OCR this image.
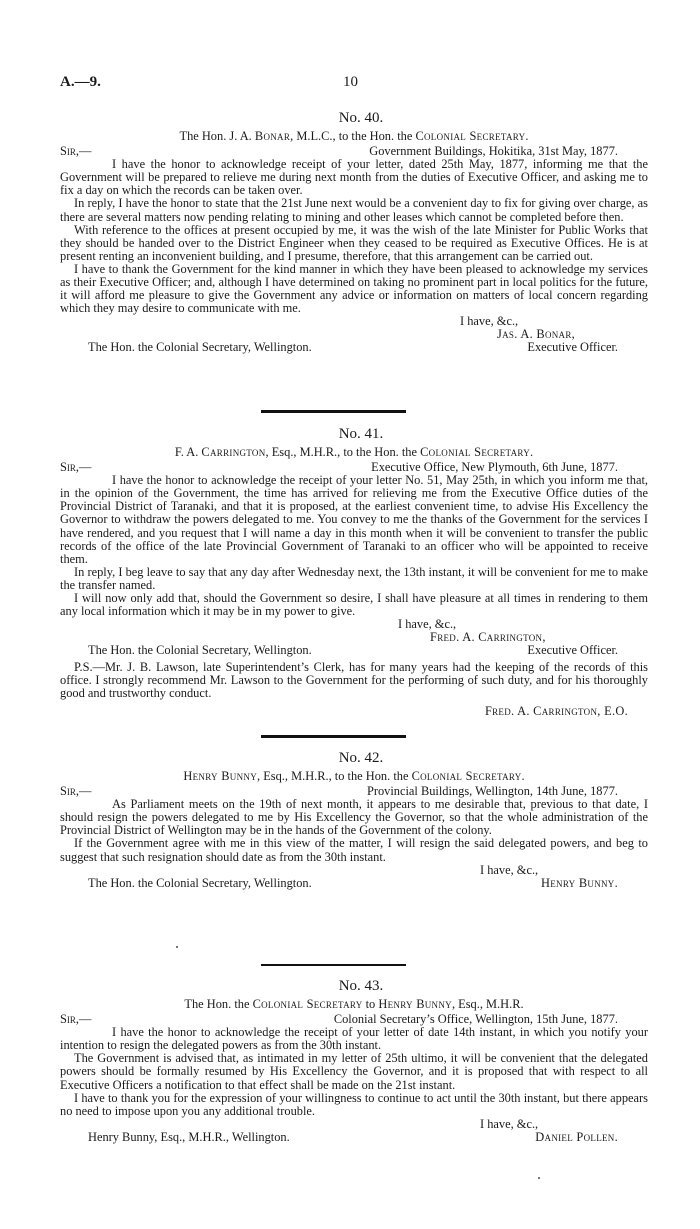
A.—9.	10
No. 40.
The Hon. J. A. Bonar, M.L.C., to the Hon. the Colonial Secretary.
Sir,—	Government Buildings, Hokitika, 31st May, 1877.

I have the honor to acknowledge receipt of your letter, dated 25th May, 1877, informing me that the Government will be prepared to relieve me during next month from the duties of Executive Officer, and asking me to fix a day on which the records can be taken over.

In reply, I have the honor to state that the 21st June next would be a convenient day to fix for giving over charge, as there are several matters now pending relating to mining and other leases which cannot be completed before then.

With reference to the offices at present occupied by me, it was the wish of the late Minister for Public Works that they should be handed over to the District Engineer when they ceased to be required as Executive Offices. He is at present renting an inconvenient building, and I presume, therefore, that this arrangement can be carried out.

I have to thank the Government for the kind manner in which they have been pleased to acknowledge my services as their Executive Officer; and, although I have determined on taking no prominent part in local politics for the future, it will afford me pleasure to give the Government any advice or information on matters of local concern regarding which they may desire to communicate with me.

I have, &c.,
Jas. A. Bonar,
The Hon. the Colonial Secretary, Wellington.	Executive Officer.
No. 41.
F. A. Carrington, Esq., M.H.R., to the Hon. the Colonial Secretary.
Sir,—	Executive Office, New Plymouth, 6th June, 1877.

I have the honor to acknowledge the receipt of your letter No. 51, May 25th, in which you inform me that, in the opinion of the Government, the time has arrived for relieving me from the Executive Office duties of the Provincial District of Taranaki, and that it is proposed, at the earliest convenient time, to advise His Excellency the Governor to withdraw the powers delegated to me. You convey to me the thanks of the Government for the services I have rendered, and you request that I will name a day in this month when it will be convenient to transfer the public records of the office of the late Provincial Government of Taranaki to an officer who will be appointed to receive them.

In reply, I beg leave to say that any day after Wednesday next, the 13th instant, it will be convenient for me to make the transfer named.

I will now only add that, should the Government so desire, I shall have pleasure at all times in rendering to them any local information which it may be in my power to give.

I have, &c.,
Fred. A. Carrington,
The Hon. the Colonial Secretary, Wellington.	Executive Officer.

P.S.—Mr. J. B. Lawson, late Superintendent’s Clerk, has for many years had the keeping of the records of this office. I strongly recommend Mr. Lawson to the Government for the performing of such duty, and for his thoroughly good and trustworthy conduct.

Fred. A. Carrington, E.O.
No. 42.
Henry Bunny, Esq., M.H.R., to the Hon. the Colonial Secretary.
Sir,—	Provincial Buildings, Wellington, 14th June, 1877.

As Parliament meets on the 19th of next month, it appears to me desirable that, previous to that date, I should resign the powers delegated to me by His Excellency the Governor, so that the whole administration of the Provincial District of Wellington may be in the hands of the Government of the colony.

If the Government agree with me in this view of the matter, I will resign the said delegated powers, and beg to suggest that such resignation should date as from the 30th instant.

I have, &c.,
The Hon. the Colonial Secretary, Wellington.	Henry Bunny.
No. 43.
The Hon. the Colonial Secretary to Henry Bunny, Esq., M.H.R.
Sir,—	Colonial Secretary’s Office, Wellington, 15th June, 1877.

I have the honor to acknowledge the receipt of your letter of date 14th instant, in which you notify your intention to resign the delegated powers as from the 30th instant.

The Government is advised that, as intimated in my letter of 25th ultimo, it will be convenient that the delegated powers should be formally resumed by His Excellency the Governor, and it is proposed that with respect to all Executive Officers a notification to that effect shall be made on the 21st instant.

I have to thank you for the expression of your willingness to continue to act until the 30th instant, but there appears no need to impose upon you any additional trouble.

I have, &c.,
Henry Bunny, Esq., M.H.R., Wellington.	Daniel Pollen.
